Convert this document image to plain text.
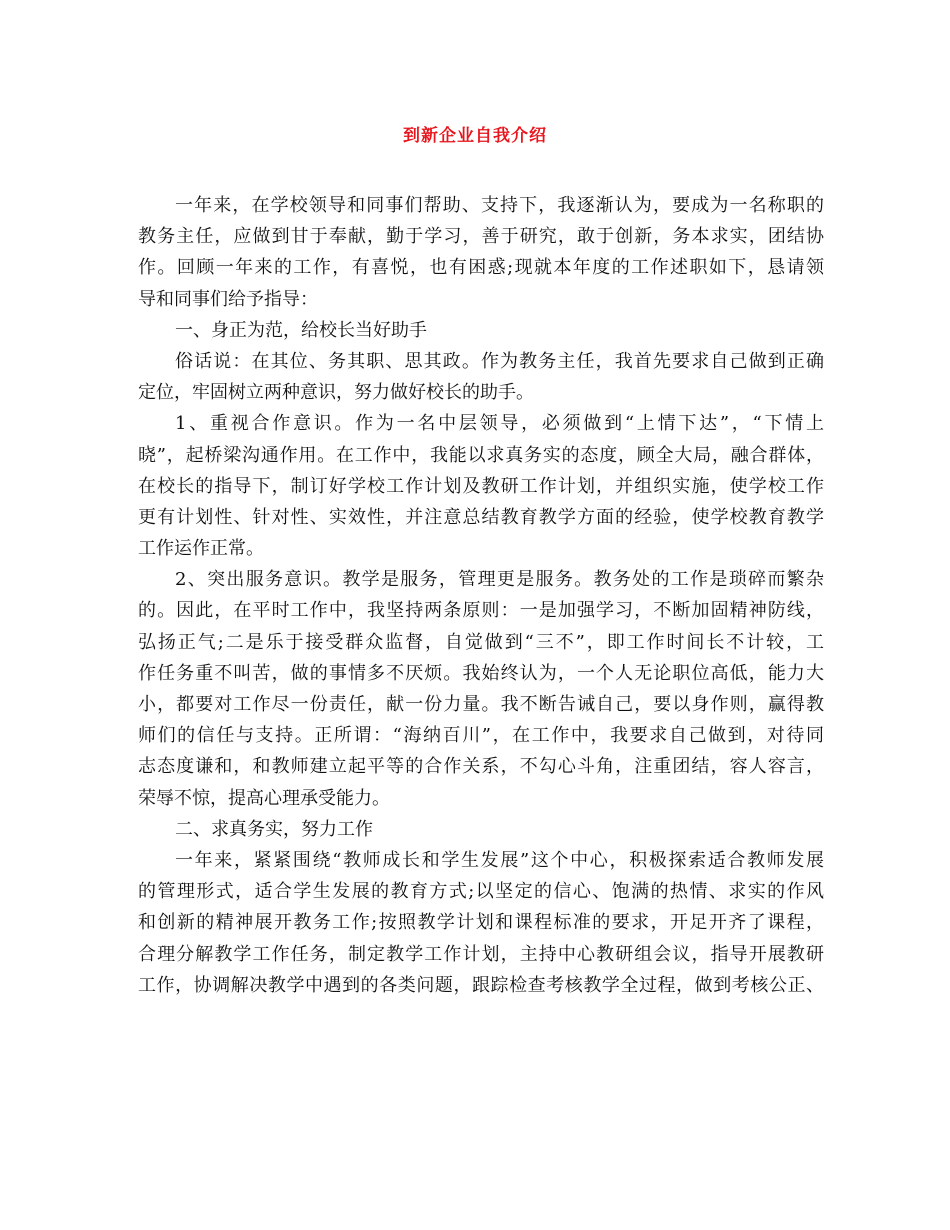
到新企业自我介绍
一年来，在学校领导和同事们帮助、支持下，我逐渐认为，要成为一名称职的
教务主任，应做到甘于奉献，勤于学习，善于研究，敢于创新，务本求实，团结协
作。回顾一年来的工作，有喜悦，也有困惑;现就本年度的工作述职如下，恳请领
导和同事们给予指导：
一、身正为范，给校长当好助手
俗话说：在其位、务其职、思其政。作为教务主任，我首先要求自己做到正确
定位，牢固树立两种意识，努力做好校长的助手。
1、重视合作意识。作为一名中层领导，必须做到“上情下达”，“下情上
晓”，起桥梁沟通作用。在工作中，我能以求真务实的态度，顾全大局，融合群体，
在校长的指导下，制订好学校工作计划及教研工作计划，并组织实施，使学校工作
更有计划性、针对性、实效性，并注意总结教育教学方面的经验，使学校教育教学
工作运作正常。
2、突出服务意识。教学是服务，管理更是服务。教务处的工作是琐碎而繁杂
的。因此，在平时工作中，我坚持两条原则：一是加强学习，不断加固精神防线，
弘扬正气;二是乐于接受群众监督，自觉做到“三不”，即工作时间长不计较，工
作任务重不叫苦，做的事情多不厌烦。我始终认为，一个人无论职位高低，能力大
小，都要对工作尽一份责任，献一份力量。我不断告诫自己，要以身作则，赢得教
师们的信任与支持。正所谓：“海纳百川”，在工作中，我要求自己做到，对待同
志态度谦和，和教师建立起平等的合作关系，不勾心斗角，注重团结，容人容言，
荣辱不惊，提高心理承受能力。
二、求真务实，努力工作
一年来，紧紧围绕“教师成长和学生发展”这个中心，积极探索适合教师发展
的管理形式，适合学生发展的教育方式;以坚定的信心、饱满的热情、求实的作风
和创新的精神展开教务工作;按照教学计划和课程标准的要求，开足开齐了课程，
合理分解教学工作任务，制定教学工作计划，主持中心教研组会议，指导开展教研
工作，协调解决教学中遇到的各类问题，跟踪检查考核教学全过程，做到考核公正、
